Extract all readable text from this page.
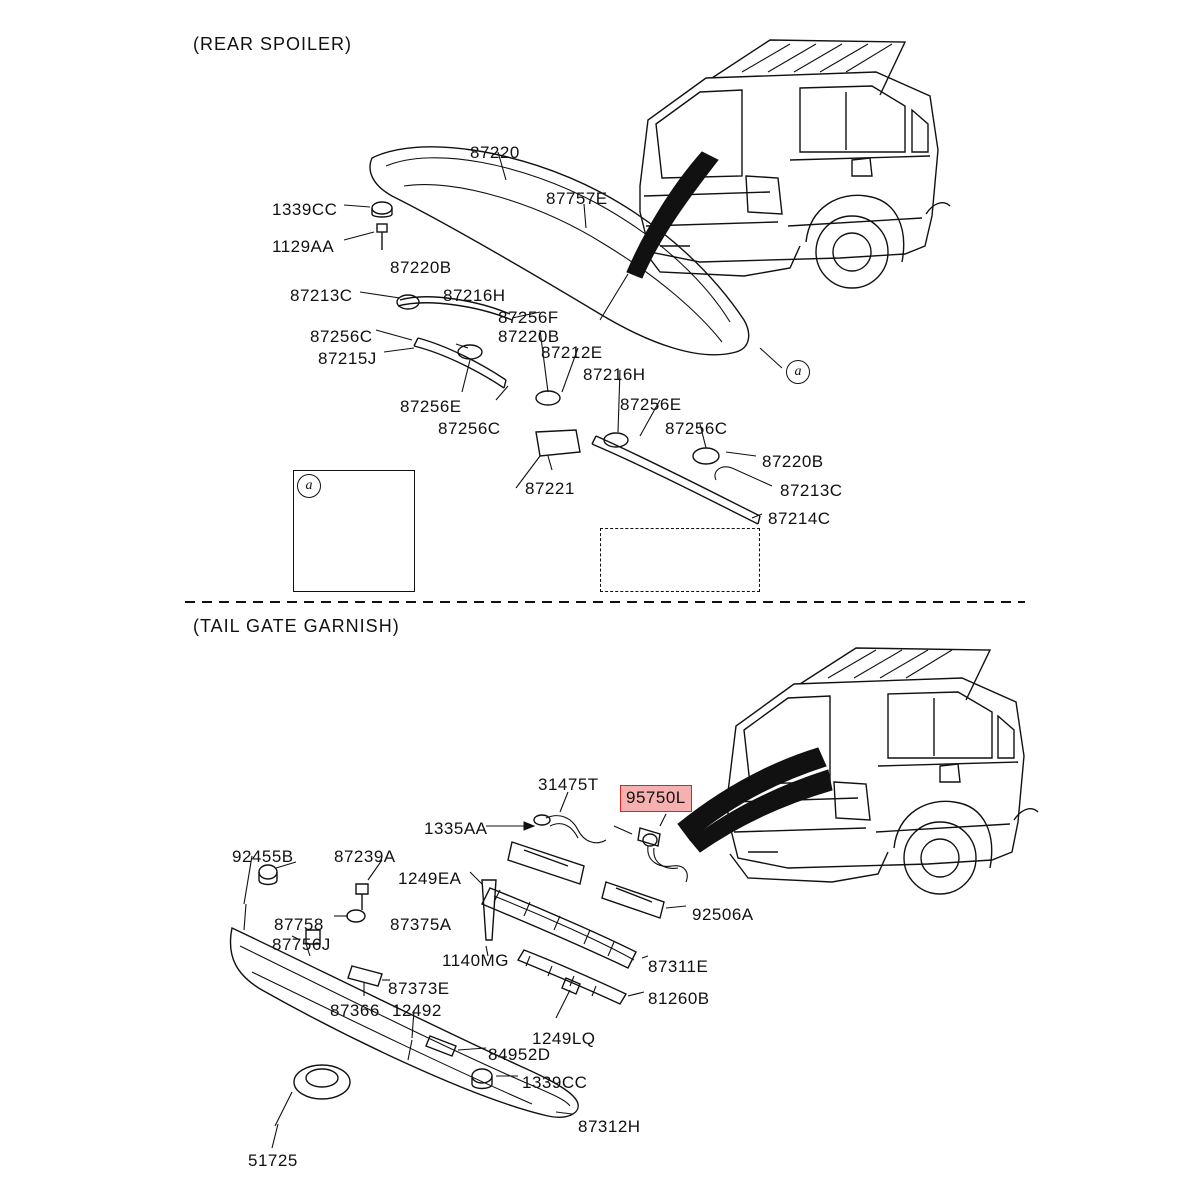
(REAR SPOILER)
1339CC
1129AA
87220
87757E
87220B
87213C	87216H
87256F
87220B
87256C
87215J	87212E
87216H
87256E	87256E
87256C	87256C
87221
87220B
87213C
87214C
(TAIL GATE GARNISH)
31475T
1335AA
92455B 87239A
1249EA
87758	87375A
87756J
92506A
1140MG	87311E
87373E
87366 12492
81260B
1249LQ
84952D
1339CC
87312H
51725
a
a
95750L
